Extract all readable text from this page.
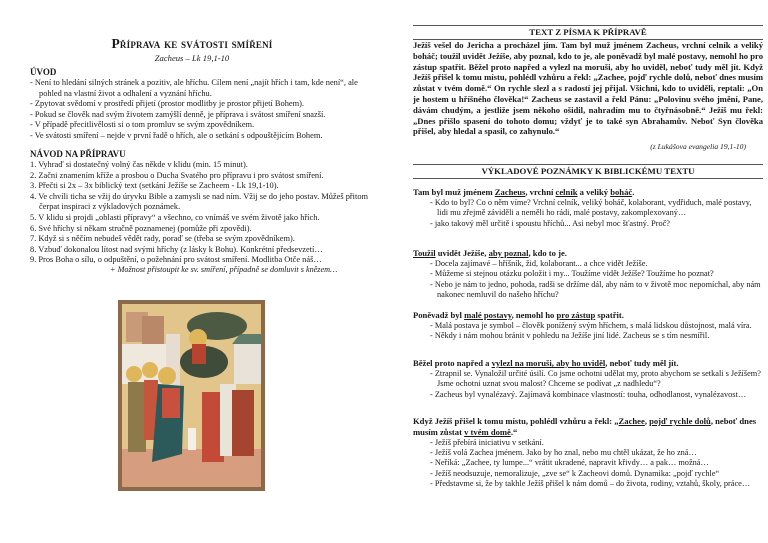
Příprava ke svátosti smíření
Zacheus – Lk 19,1-10

ÚVOD

- Není to hledání silných stránek a pozitiv, ale hříchu. Cílem není „najít hřích i tam, kde není“, ale pohled na vlastní život a odhalení a vyznání hříchu.

- Zpytovat svědomí v prostředí přijetí (prostor modlitby je prostor přijetí Bohem).

- Pokud se člověk nad svým životem zamýšlí denně, je příprava i svátost smíření snazší.

- V případě přecitlivělosti si o tom promluv se svým zpovědníkem.

- Ve svátosti smíření – nejde v první řadě o hřích, ale o setkání s odpouštějícím Bohem.

NÁVOD NA PŘÍPRAVU

1. Vyhraď si dostatečný volný čas někde v klidu (min. 15 minut).
2. Začni znamením kříže a prosbou o Ducha Svatého pro přípravu i pro svátost smíření.
3. Přečti si 2x – 3x biblický text (setkání Ježíše se Zacheem - Lk 19,1-10).
4. Ve chvíli ticha se vžij do úryvku Bible a zamysli se nad ním. Vžij se do jeho postav. Můžeš přitom čerpat inspiraci z výkladových poznámek.
5. V klidu si projdi „oblasti přípravy“ a všechno, co vnímáš ve svém životě jako hřích.
6. Své hříchy si někam stručně poznamenej (pomůže při zpovědi).
7. Když si s něčím nebudeš vědět rady, poraď se (třeba se svým zpovědníkem).
8. Vzbuď dokonalou lítost nad svými hříchy (z lásky k Bohu). Konkrétní předsevzetí…
9. Pros Boha o sílu, o odpuštění, o požehnání pro svátost smíření. Modlitba Otče náš…
+ Možnost přistoupit ke sv. smíření, případně se domluvit s knězem…
TEXT Z PÍSMA K PŘÍPRAVĚ

Ježíš vešel do Jericha a procházel jím. Tam byl muž jménem Zacheus, vrchní celník a veliký boháč; toužil uvidět Ježíše, aby poznal, kdo to je, ale poněvadž byl malé postavy, nemohl ho pro zástup spatřit. Běžel proto napřed a vylezl na moruši, aby ho uviděl, neboť tudy měl jít. Když Ježíš přišel k tomu místu, pohlédl vzhůru a řekl: „Zachee, pojď rychle dolů, neboť dnes musím zůstat v tvém domě.“ On rychle slezl a s radostí jej přijal. Všichni, kdo to uviděli, reptali: „On je hostem u hříšného člověka!“ Zacheus se zastavil a řekl Pánu: „Polovinu svého jmění, Pane, dávám chudým, a jestliže jsem někoho ošidil, nahradím mu to čtyřnásobně.“ Ježíš mu řekl: „Dnes přišlo spasení do tohoto domu; vždyť je to také syn Abrahamův. Neboť Syn člověka přišel, aby hledal a spasil, co zahynulo.“

(z Lukášova evangelia 19,1-10)
VÝKLADOVÉ POZNÁMKY K BIBLICKÉMU TEXTU

Tam byl muž jménem Zacheus, vrchní celník a veliký boháč.

- Kdo to byl? Co o něm víme? Vrchní celník, veliký boháč, kolaborant, vydřiduch, malé postavy, lidi mu zřejmě záviděli a neměli ho rádi, malé postavy, zakomplexovaný…
- jako takový měl určitě i spoustu hříchů... Asi nebyl moc šťastný. Proč?

Toužil uvidět Ježíše, aby poznal, kdo to je.

- Docela zajímavé – hříšník, žid, kolaborant... a chce vidět Ježíše.
- Můžeme si stejnou otázku položit i my... Toužíme vidět Ježíše? Toužíme ho poznat?
- Nebo je nám to jedno, pohoda, radši se držíme dál, aby nám to v životě moc nepomíchal, aby nám nakonec nemluvil do našeho hříchu?

Poněvadž byl malé postavy, nemohl ho pro zástup spatřit.

- Malá postava je symbol – člověk ponížený svým hříchem, s malá lidskou důstojnost, malá víra.
- Někdy i nám mohou bránit v pohledu na Ježíše jiní lidé. Zacheus se s tím nesmířil.

Běžel proto napřed a vylezl na moruši, aby ho uviděl, neboť tudy měl jít.

- Ztrapnil se. Vynaložil určité úsilí. Co jsme ochotni udělat my, proto abychom se setkali s Ježíšem? Jsme ochotni uznat svou malost? Chceme se podívat „z nadhledu“?
- Zacheus byl vynalézavý. Zajímavá kombinace vlastností: touha, odhodlanost, vynalézavost…

Když Ježíš přišel k tomu místu, pohlédl vzhůru a řekl: „Zachee, pojď rychle dolů, neboť dnes musím zůstat v tvém domě.“

- Ježíš přebírá iniciativu v setkání.
- Ježíš volá Zachea jménem. Jako by ho znal, nebo mu chtěl ukázat, že ho zná…
- Neříká: „Zachee, ty lumpe...“ vrátit ukradené, napravit křivdy… a pak… možná…
- Ježíš neodsuzuje, nemoralizuje, „zve se“ k Zacheovi domů. Dynamika: „pojď rychle“
- Představme si, že by takhle Ježíš přišel k nám domů – do života, rodiny, vztahů, školy, práce…
